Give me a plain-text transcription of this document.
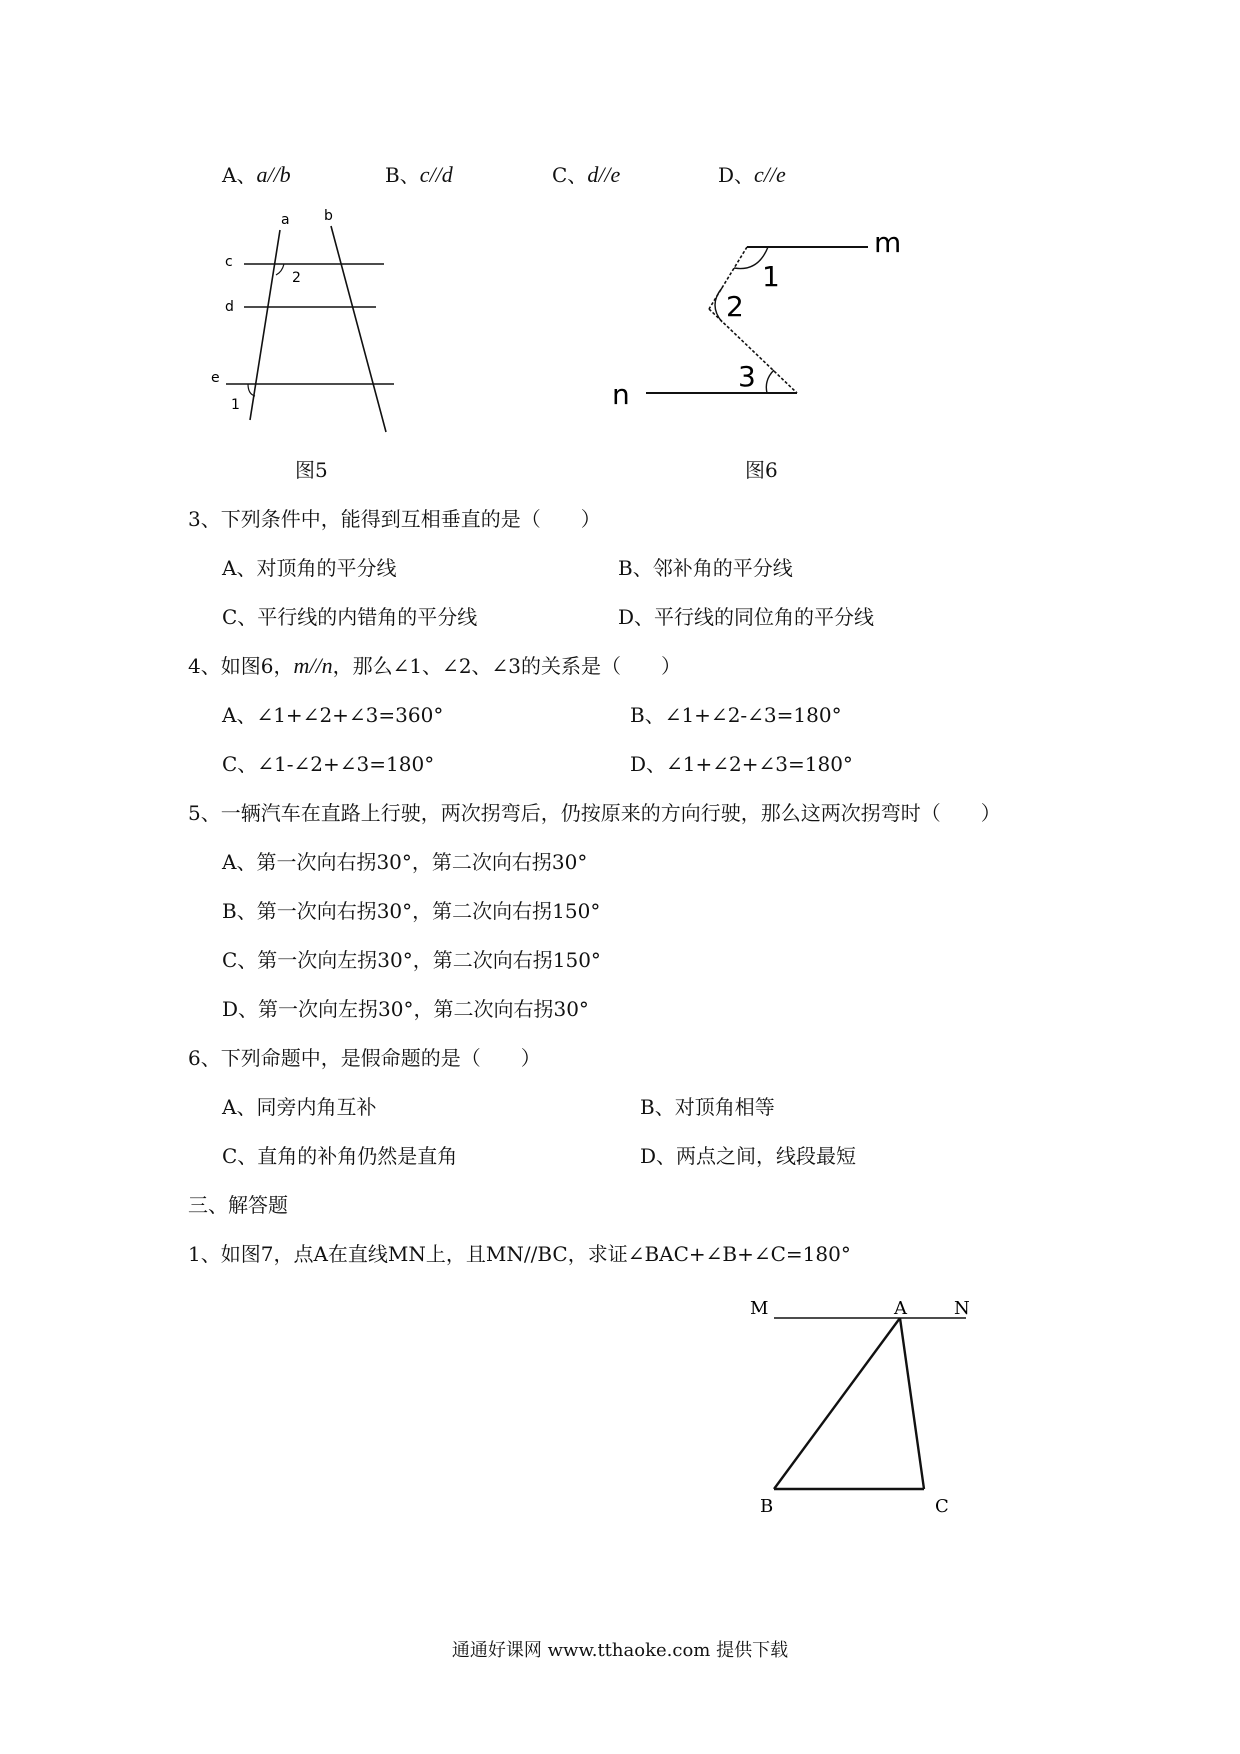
A、a//b	B、c//d	C、d//e	D、c//e
a b
c
d
e
1
2
图5
m
n
1
2
3
图6
3、下列条件中，能得到互相垂直的是（　　）
A、对顶角的平分线	B、邻补角的平分线
C、平行线的内错角的平分线	D、平行线的同位角的平分线
4、如图6，m//n，那么∠1、∠2、∠3的关系是（　　）
A、∠1+∠2+∠3=360°	B、∠1+∠2-∠3=180°
C、∠1-∠2+∠3=180°	D、∠1+∠2+∠3=180°
5、一辆汽车在直路上行驶，两次拐弯后，仍按原来的方向行驶，那么这两次拐弯时（　　）
A、第一次向右拐30°，第二次向右拐30°
B、第一次向右拐30°，第二次向右拐150°
C、第一次向左拐30°，第二次向右拐150°
D、第一次向左拐30°，第二次向右拐30°
6、下列命题中，是假命题的是（　　）
A、同旁内角互补	B、对顶角相等
C、直角的补角仍然是直角	D、两点之间，线段最短
三、解答题
1、如图7，点A在直线MN上，且MN//BC，求证∠BAC+∠B+∠C=180°
M	A	N
B	C
通通好课网 www.tthaoke.com 提供下载
